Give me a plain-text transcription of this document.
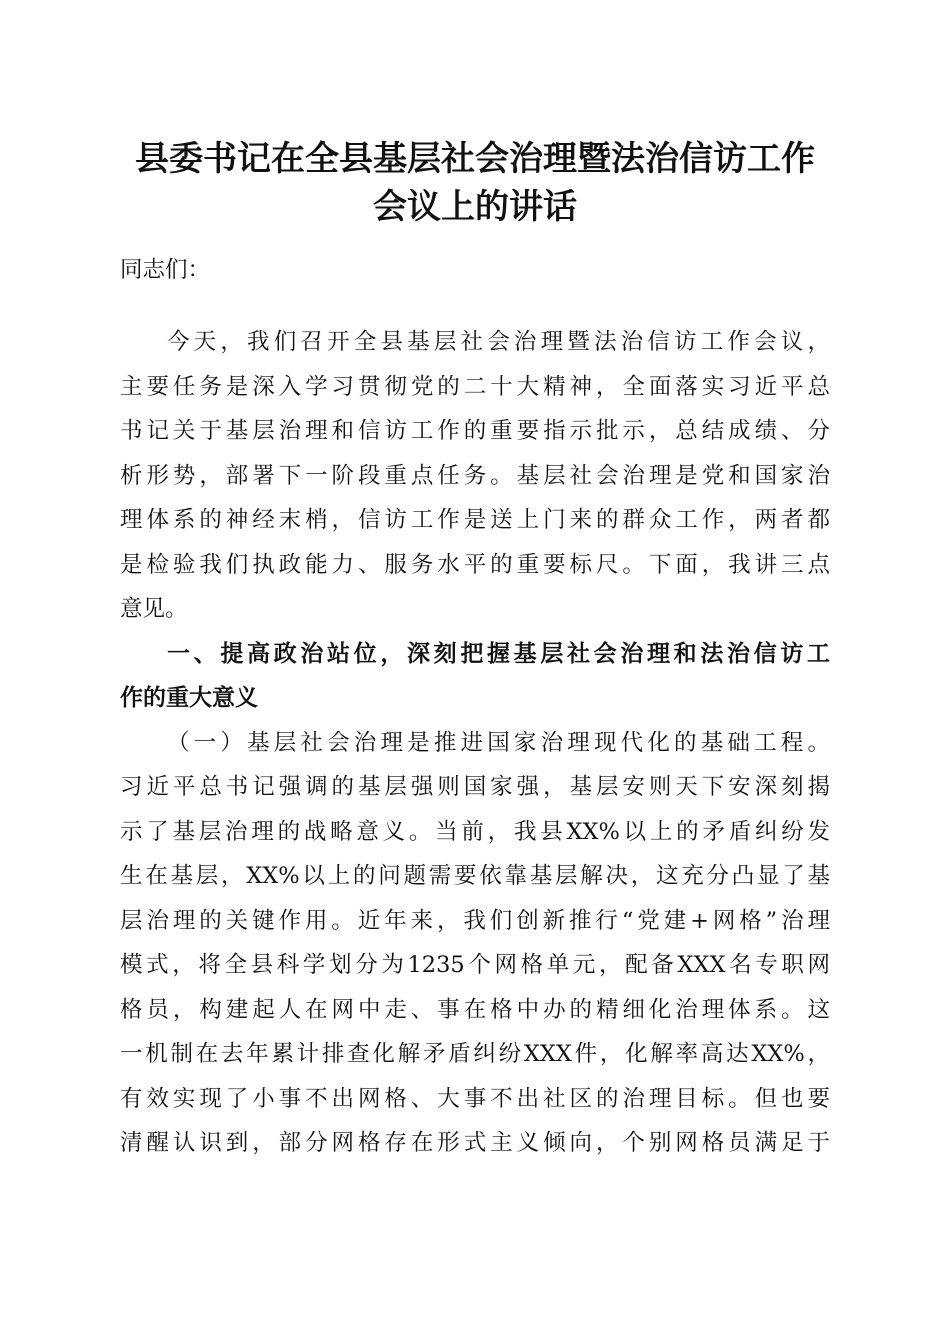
县委书记在全县基层社会治理暨法治信访工作
会议上的讲话
同志们：
今天，我们召开全县基层社会治理暨法治信访工作会议，
主要任务是深入学习贯彻党的二十大精神，全面落实习近平总
书记关于基层治理和信访工作的重要指示批示，总结成绩、分
析形势，部署下一阶段重点任务。基层社会治理是党和国家治
理体系的神经末梢，信访工作是送上门来的群众工作，两者都
是检验我们执政能力、服务水平的重要标尺。下面，我讲三点
意见。
一、提高政治站位，深刻把握基层社会治理和法治信访工
作的重大意义
（一）基层社会治理是推进国家治理现代化的基础工程。
习近平总书记强调的基层强则国家强，基层安则天下安深刻揭
示了基层治理的战略意义。当前，我县XX%以上的矛盾纠纷发
生在基层，XX%以上的问题需要依靠基层解决，这充分凸显了基
层治理的关键作用。近年来，我们创新推行“党建+网格”治理
模式，将全县科学划分为1235个网格单元，配备XXX名专职网
格员，构建起人在网中走、事在格中办的精细化治理体系。这
一机制在去年累计排查化解矛盾纠纷XXX件，化解率高达XX%，
有效实现了小事不出网格、大事不出社区的治理目标。但也要
清醒认识到，部分网格存在形式主义倾向，个别网格员满足于
